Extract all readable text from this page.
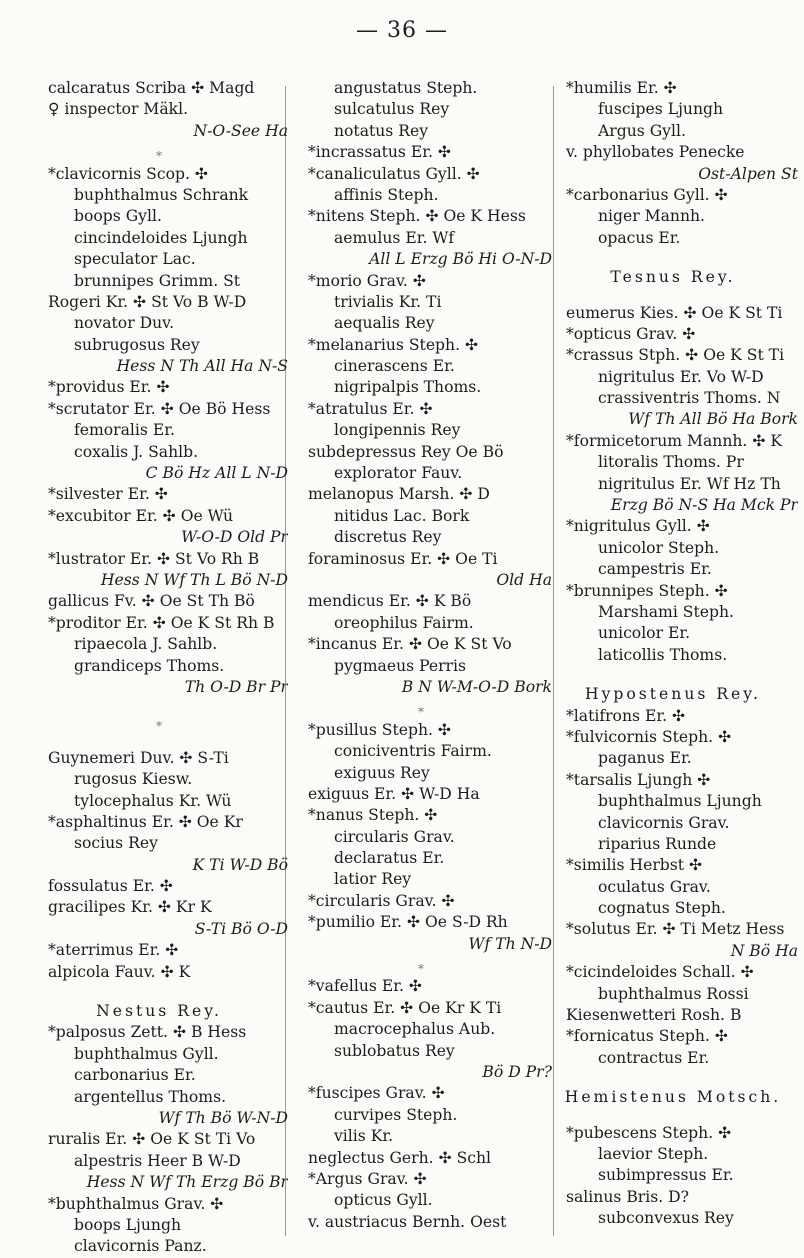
— 36 —
calcaratus Scriba ✣ Magd
♀ inspector Mäkl.
N-O-See Ha
⁎
*clavicornis Scop. ✣
buphthalmus Schrank
boops Gyll.
cincindeloides Ljungh
speculator Lac.
brunnipes Grimm. St
Rogeri Kr. ✣ St Vo B W-D
novator Duv.
subrugosus Rey
Hess N Th All Ha N-S
*providus Er. ✣
*scrutator Er. ✣ Oe Bö Hess
femoralis Er.
coxalis J. Sahlb.
C Bö Hz All L N-D
*silvester Er. ✣
*excubitor Er. ✣ Oe Wü
W-O-D Old Pr
*lustrator Er. ✣ St Vo Rh B
Hess N Wf Th L Bö N-D
gallicus Fv. ✣ Oe St Th Bö
*proditor Er. ✣ Oe K St Rh B
ripaecola J. Sahlb.
grandiceps Thoms.
Th O-D Br Pr
⁎
Guynemeri Duv. ✣ S-Ti
rugosus Kiesw.
tylocephalus Kr. Wü
*asphaltinus Er. ✣ Oe Kr
socius Rey
K Ti W-D Bö
fossulatus Er. ✣
gracilipes Kr. ✣ Kr K
S-Ti Bö O-D
*aterrimus Er. ✣
alpicola Fauv. ✣ K
Nestus Rey.
*palposus Zett. ✣ B Hess
buphthalmus Gyll.
carbonarius Er.
argentellus Thoms.
Wf Th Bö W-N-D
ruralis Er. ✣ Oe K St Ti Vo
alpestris Heer B W-D
Hess N Wf Th Erzg Bö Br
*buphthalmus Grav. ✣
boops Ljungh
clavicornis Panz.
angustatus Steph.
sulcatulus Rey
notatus Rey
*incrassatus Er. ✣
*canaliculatus Gyll. ✣
affinis Steph.
*nitens Steph. ✣ Oe K Hess
aemulus Er. Wf
All L Erzg Bö Hi O-N-D
*morio Grav. ✣
trivialis Kr. Ti
aequalis Rey
*melanarius Steph. ✣
cinerascens Er.
nigripalpis Thoms.
*atratulus Er. ✣
longipennis Rey
subdepressus Rey Oe Bö
explorator Fauv.
melanopus Marsh. ✣ D
nitidus Lac. Bork
discretus Rey
foraminosus Er. ✣ Oe Ti
Old Ha
mendicus Er. ✣ K Bö
oreophilus Fairm.
*incanus Er. ✣ Oe K St Vo
pygmaeus Perris
B N W-M-O-D Bork
⁎
*pusillus Steph. ✣
coniciventris Fairm.
exiguus Rey
exiguus Er. ✣ W-D Ha
*nanus Steph. ✣
circularis Grav.
declaratus Er.
latior Rey
*circularis Grav. ✣
*pumilio Er. ✣ Oe S-D Rh
Wf Th N-D
⁎
*vafellus Er. ✣
*cautus Er. ✣ Oe Kr K Ti
macrocephalus Aub.
sublobatus Rey
Bö D Pr?
*fuscipes Grav. ✣
curvipes Steph.
vilis Kr.
neglectus Gerh. ✣ Schl
*Argus Grav. ✣
opticus Gyll.
v. austriacus Bernh. Oest
*humilis Er. ✣
fuscipes Ljungh
Argus Gyll.
v. phyllobates Penecke
Ost-Alpen St
*carbonarius Gyll. ✣
niger Mannh.
opacus Er.
Tesnus Rey.
eumerus Kies. ✣ Oe K St Ti
*opticus Grav. ✣
*crassus Stph. ✣ Oe K St Ti
nigritulus Er. Vo W-D
crassiventris Thoms. N
Wf Th All Bö Ha Bork
*formicetorum Mannh. ✣ K
litoralis Thoms. Pr
nigritulus Er. Wf Hz Th
Erzg Bö N-S Ha Mck Pr
*nigritulus Gyll. ✣
unicolor Steph.
campestris Er.
*brunnipes Steph. ✣
Marshami Steph.
unicolor Er.
laticollis Thoms.
Hypostenus Rey.
*latifrons Er. ✣
*fulvicornis Steph. ✣
paganus Er.
*tarsalis Ljungh ✣
buphthalmus Ljungh
clavicornis Grav.
riparius Runde
*similis Herbst ✣
oculatus Grav.
cognatus Steph.
*solutus Er. ✣ Ti Metz Hess
N Bö Ha
*cicindeloides Schall. ✣
buphthalmus Rossi
Kiesenwetteri Rosh. B
*fornicatus Steph. ✣
contractus Er.
Hemistenus Motsch.
*pubescens Steph. ✣
laevior Steph.
subimpressus Er.
salinus Bris. D?
subconvexus Rey
